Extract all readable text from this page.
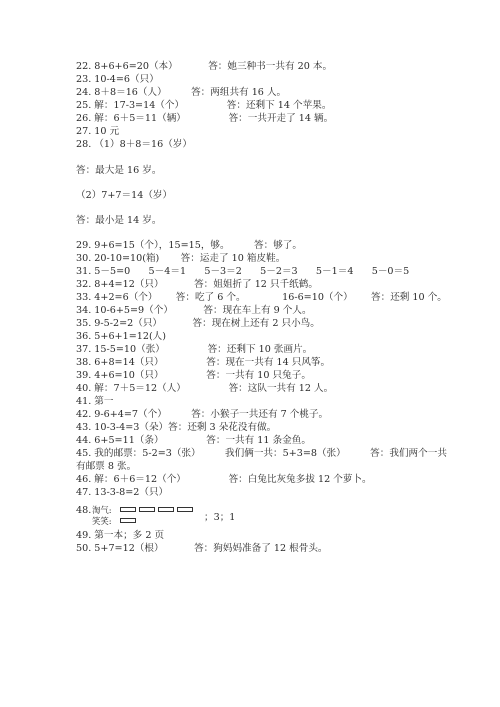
22. 8+6+6=20（本）          答：她三种书一共有 20 本。
23. 10-4=6（只）
24. 8＋8＝16（人）        答：两组共有 16 人。
25. 解：17-3=14（个）              答：还剩下 14 个苹果。
26. 解：6＋5＝11（辆）              答：一共开走了 14 辆。
27. 10 元
28. （1）8＋8＝16（岁）
答：最大是 16 岁。
（2）7+7＝14（岁）
答：最小是 14 岁。
29. 9+6=15（个），15=15，够。        答：够了。
30. 20-10=10(箱)       答：运走了 10 箱皮鞋。
31. 5－5=0      5－4＝1      5－3＝2      5－2＝3      5－1＝4      5－0＝5
32. 8+4=12（只）          答：姐姐折了 12 只千纸鹤。
33. 4+2=6（个）      答：吃了 6 个。            16-6=10（个）      答：还剩 10 个。
34. 10-6+5=9（个）          答：现在车上有 9 个人。
35. 9-5-2=2（只）          答：现在树上还有 2 只小鸟。
36. 5+6+1=12(人)
37. 15-5=10（张）              答：还剩下 10 张画片。
38. 6+8=14（只）              答：现在一共有 14 只风筝。
39. 4+6=10（只）              答：一共有 10 只兔子。
40. 解：7＋5＝12（人）              答：这队一共有 12 人。
41. 第一
42. 9-6+4=7（个）        答：小猴子一共还有 7 个桃子。
43. 10-3-4=3（朵）答：还剩 3 朵花没有做。
44. 6+5=11（条）              答：一共有 11 条金鱼。
45. 我的邮票：5-2=3（张）        我们俩一共：5+3=8（张）        答：我们两个一共
有邮票 8 张。
46. 解：6＋6＝12（个）              答：白兔比灰兔多拔 12 个萝卜。
47. 13-3-8=2（只）
48. 淘气:
笑笑:	；3；1
49. 第一本；多 2 页
50. 5+7=12（根）          答：狗妈妈准备了 12 根骨头。
